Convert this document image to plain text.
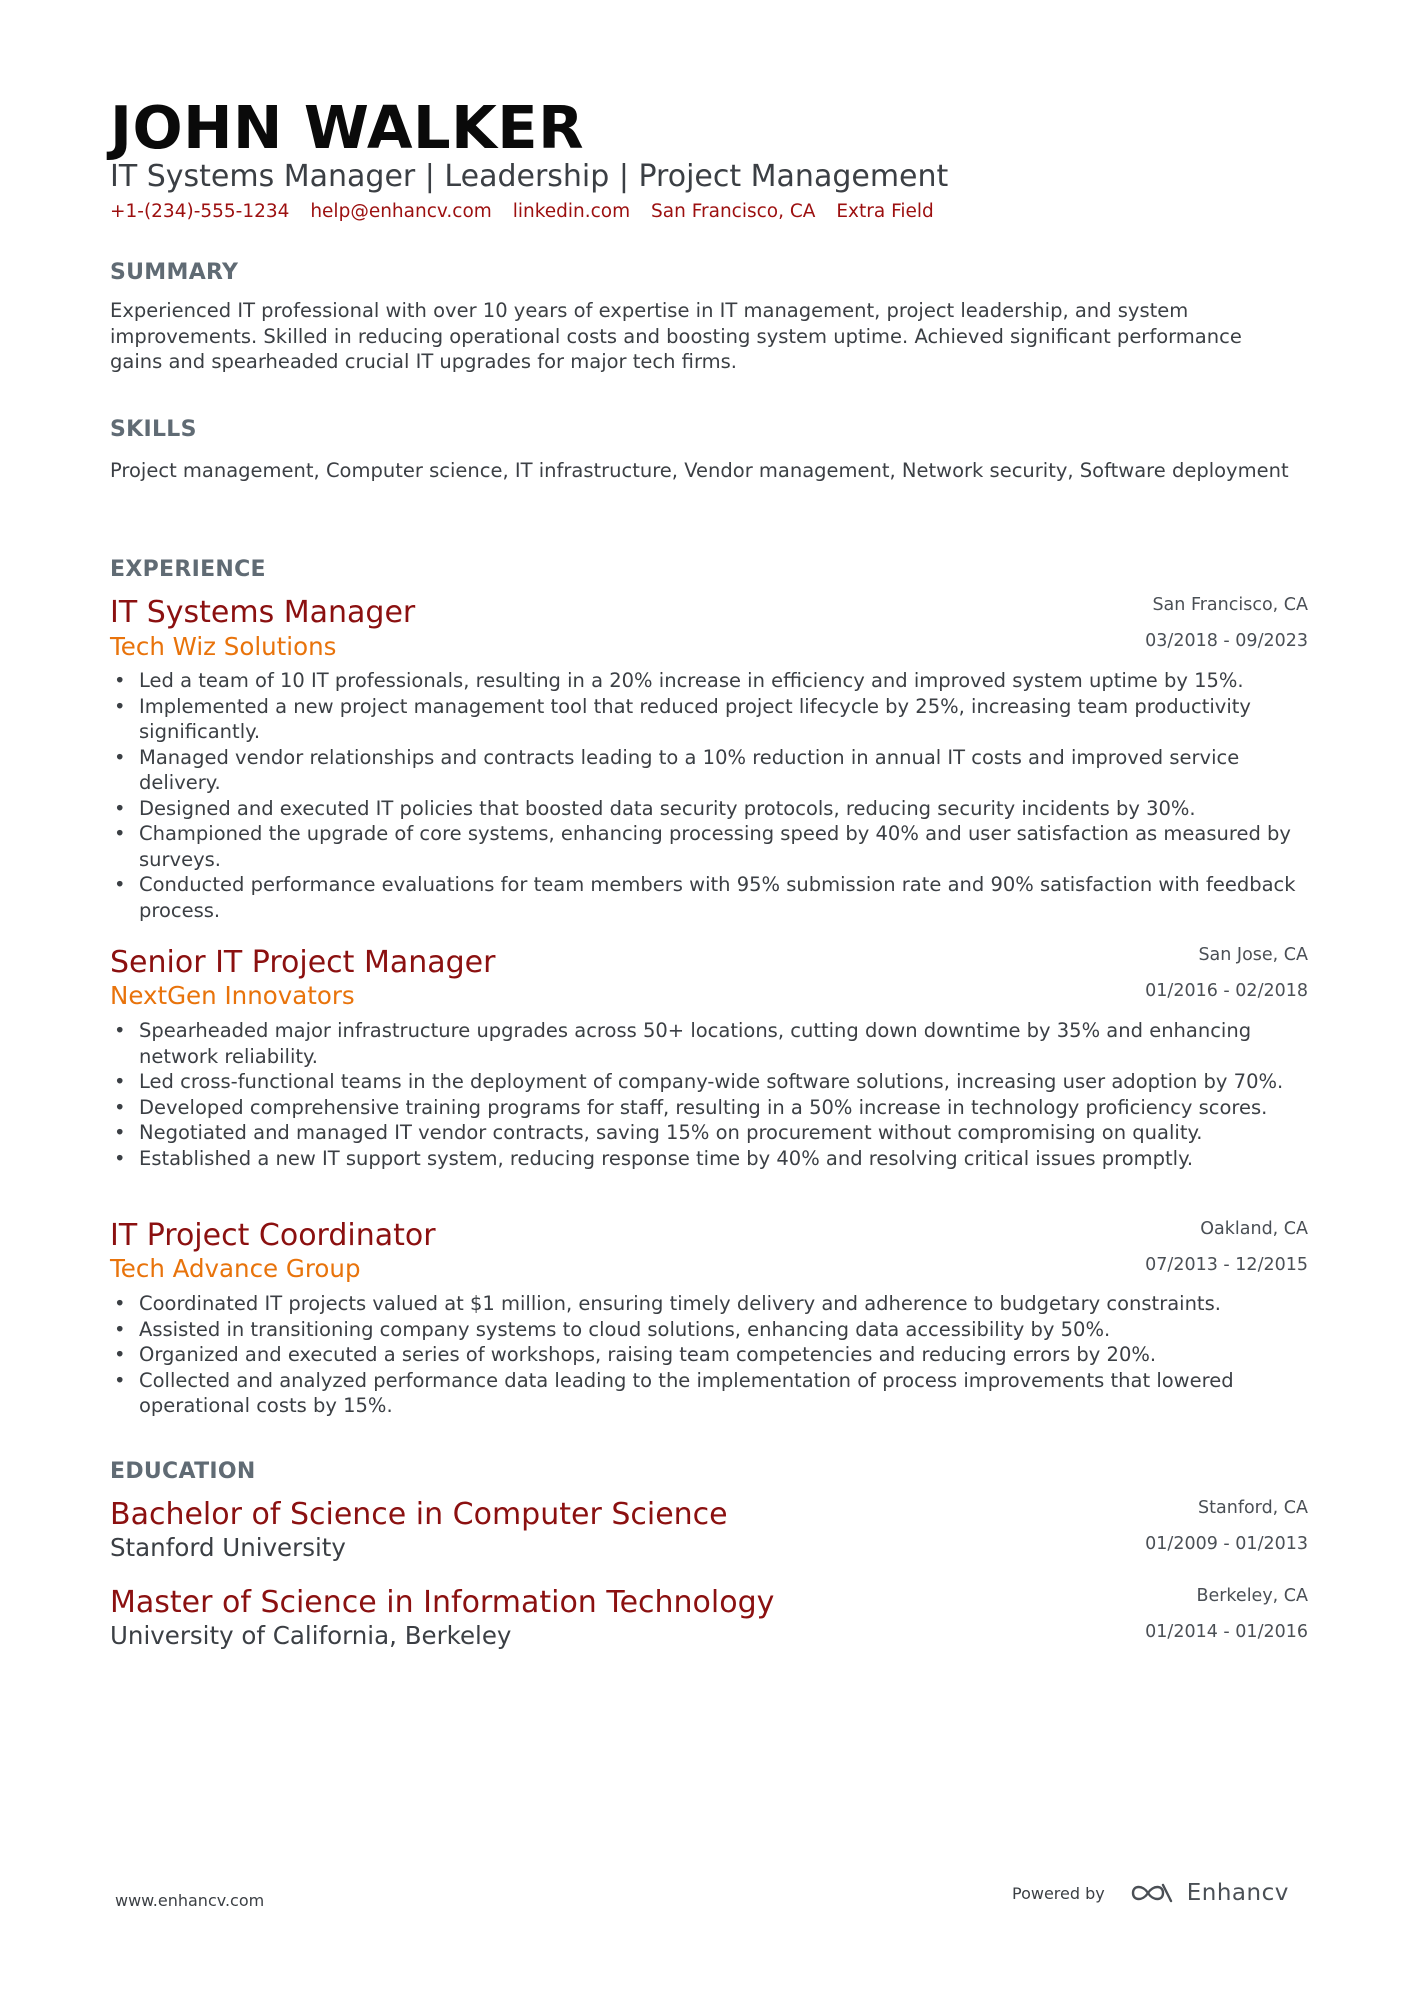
JOHN WALKER
IT Systems Manager | Leadership | Project Management
+1-(234)-555-1234 help@enhancv.com linkedin.com San Francisco, CA Extra Field
SUMMARY
Experienced IT professional with over 10 years of expertise in IT management, project leadership, and system improvements. Skilled in reducing operational costs and boosting system uptime. Achieved significant performance gains and spearheaded crucial IT upgrades for major tech firms.
SKILLS
Project management, Computer science, IT infrastructure, Vendor management, Network security, Software deployment
EXPERIENCE
IT Systems Manager
Tech Wiz Solutions
San Francisco, CA
03/2018 - 09/2023
• Led a team of 10 IT professionals, resulting in a 20% increase in efficiency and improved system uptime by 15%.
• Implemented a new project management tool that reduced project lifecycle by 25%, increasing team productivity significantly.
• Managed vendor relationships and contracts leading to a 10% reduction in annual IT costs and improved service delivery.
• Designed and executed IT policies that boosted data security protocols, reducing security incidents by 30%.
• Championed the upgrade of core systems, enhancing processing speed by 40% and user satisfaction as measured by surveys.
• Conducted performance evaluations for team members with 95% submission rate and 90% satisfaction with feedback process.
Senior IT Project Manager
NextGen Innovators
San Jose, CA
01/2016 - 02/2018
• Spearheaded major infrastructure upgrades across 50+ locations, cutting down downtime by 35% and enhancing network reliability.
• Led cross-functional teams in the deployment of company-wide software solutions, increasing user adoption by 70%.
• Developed comprehensive training programs for staff, resulting in a 50% increase in technology proficiency scores.
• Negotiated and managed IT vendor contracts, saving 15% on procurement without compromising on quality.
• Established a new IT support system, reducing response time by 40% and resolving critical issues promptly.
IT Project Coordinator
Tech Advance Group
Oakland, CA
07/2013 - 12/2015
• Coordinated IT projects valued at $1 million, ensuring timely delivery and adherence to budgetary constraints.
• Assisted in transitioning company systems to cloud solutions, enhancing data accessibility by 50%.
• Organized and executed a series of workshops, raising team competencies and reducing errors by 20%.
• Collected and analyzed performance data leading to the implementation of process improvements that lowered operational costs by 15%.
EDUCATION
Bachelor of Science in Computer Science
Stanford University
Stanford, CA
01/2009 - 01/2013
Master of Science in Information Technology
University of California, Berkeley
Berkeley, CA
01/2014 - 01/2016
www.enhancv.com	Powered by	Enhancv
